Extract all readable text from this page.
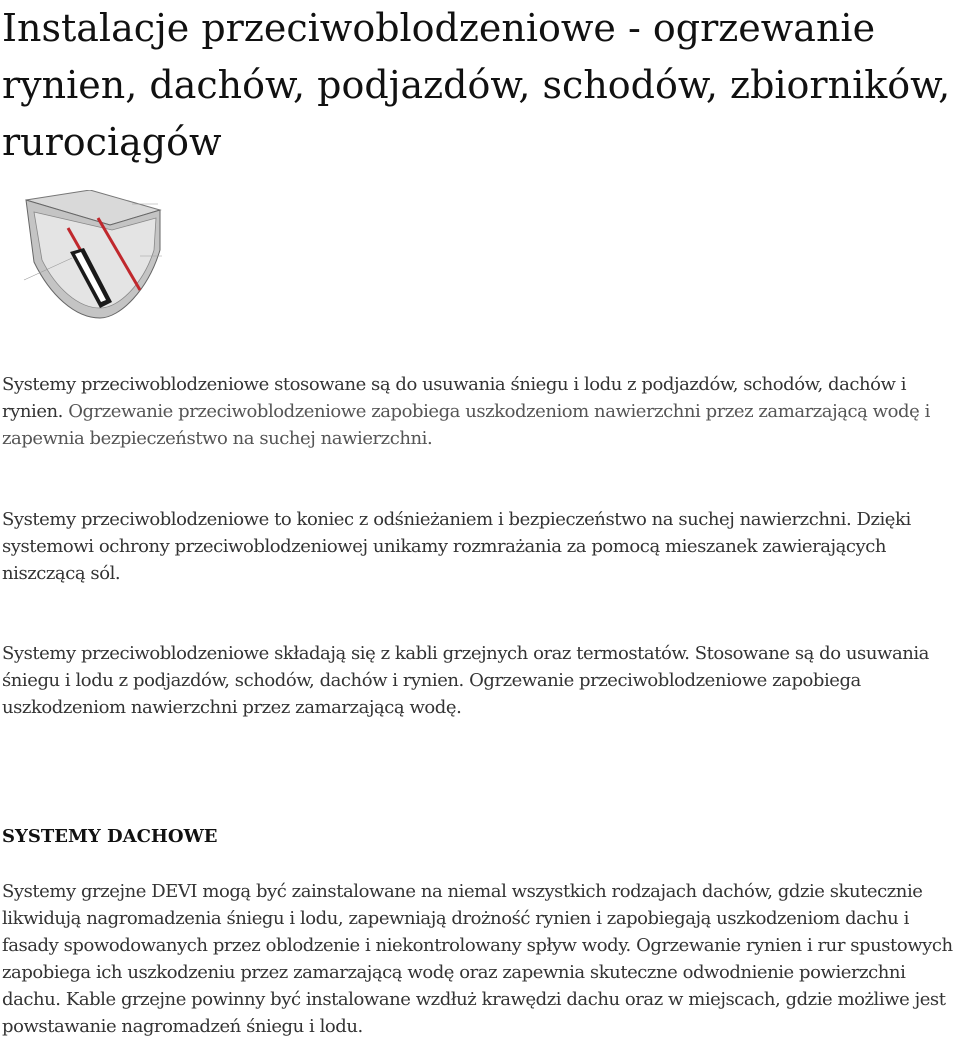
Instalacje przeciwoblodzeniowe - ogrzewanie rynien, dachów, podjazdów, schodów, zbiorników, rurociągów

Systemy przeciwoblodzeniowe stosowane są do usuwania śniegu i lodu z podjazdów, schodów, dachów i rynien. Ogrzewanie przeciwoblodzeniowe zapobiega uszkodzeniom nawierzchni przez zamarzającą wodę i zapewnia bezpieczeństwo na suchej nawierzchni.

Systemy przeciwoblodzeniowe to koniec z odśnieżaniem i bezpieczeństwo na suchej nawierzchni. Dzięki systemowi ochrony przeciwoblodzeniowej unikamy rozmrażania za pomocą mieszanek zawierających niszczącą sól.

Systemy przeciwoblodzeniowe składają się z kabli grzejnych oraz termostatów. Stosowane są do usuwania śniegu i lodu z podjazdów, schodów, dachów i rynien. Ogrzewanie przeciwoblodzeniowe zapobiega uszkodzeniom nawierzchni przez zamarzającą wodę.

SYSTEMY DACHOWE

Systemy grzejne DEVI mogą być zainstalowane na niemal wszystkich rodzajach dachów, gdzie skutecznie likwidują nagromadzenia śniegu i lodu, zapewniają drożność rynien i zapobiegają uszkodzeniom dachu i fasady spowodowanych przez oblodzenie i niekontrolowany spływ wody. Ogrzewanie rynien i rur spustowych zapobiega ich uszkodzeniu przez zamarzającą wodę oraz zapewnia skuteczne odwodnienie powierzchni dachu. Kable grzejne powinny być instalowane wzdłuż krawędzi dachu oraz w miejscach, gdzie możliwe jest powstawanie nagromadzeń śniegu i lodu.
